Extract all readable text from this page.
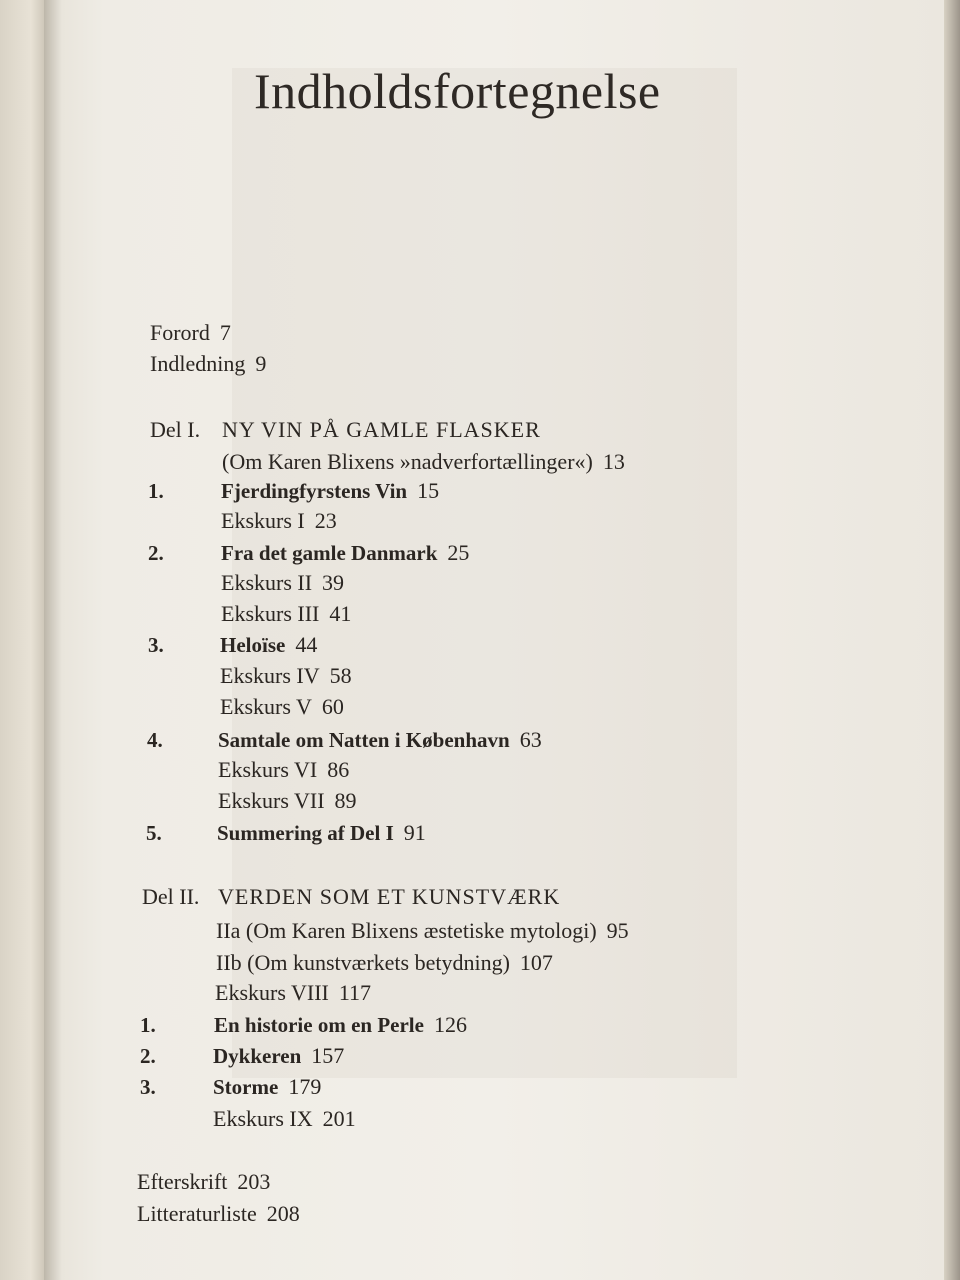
Indholdsfortegnelse
Forord 7
Indledning 9
Del I. NY VIN PÅ GAMLE FLASKER
(Om Karen Blixens »nadverfortællinger«) 13
1.	Fjerdingfyrstens Vin 15
Ekskurs I 23
2.	Fra det gamle Danmark 25
Ekskurs II 39
Ekskurs III 41
3.	Heloïse 44
Ekskurs IV 58
Ekskurs V 60
4.	Samtale om Natten i København 63
Ekskurs VI 86
Ekskurs VII 89
5.	Summering af Del I 91
Del II. VERDEN SOM ET KUNSTVÆRK
IIa (Om Karen Blixens æstetiske mytologi) 95
IIb (Om kunstværkets betydning) 107
Ekskurs VIII 117
1.	En historie om en Perle 126
2.	Dykkeren 157
3.	Storme 179
Ekskurs IX 201
Efterskrift 203
Litteraturliste 208
